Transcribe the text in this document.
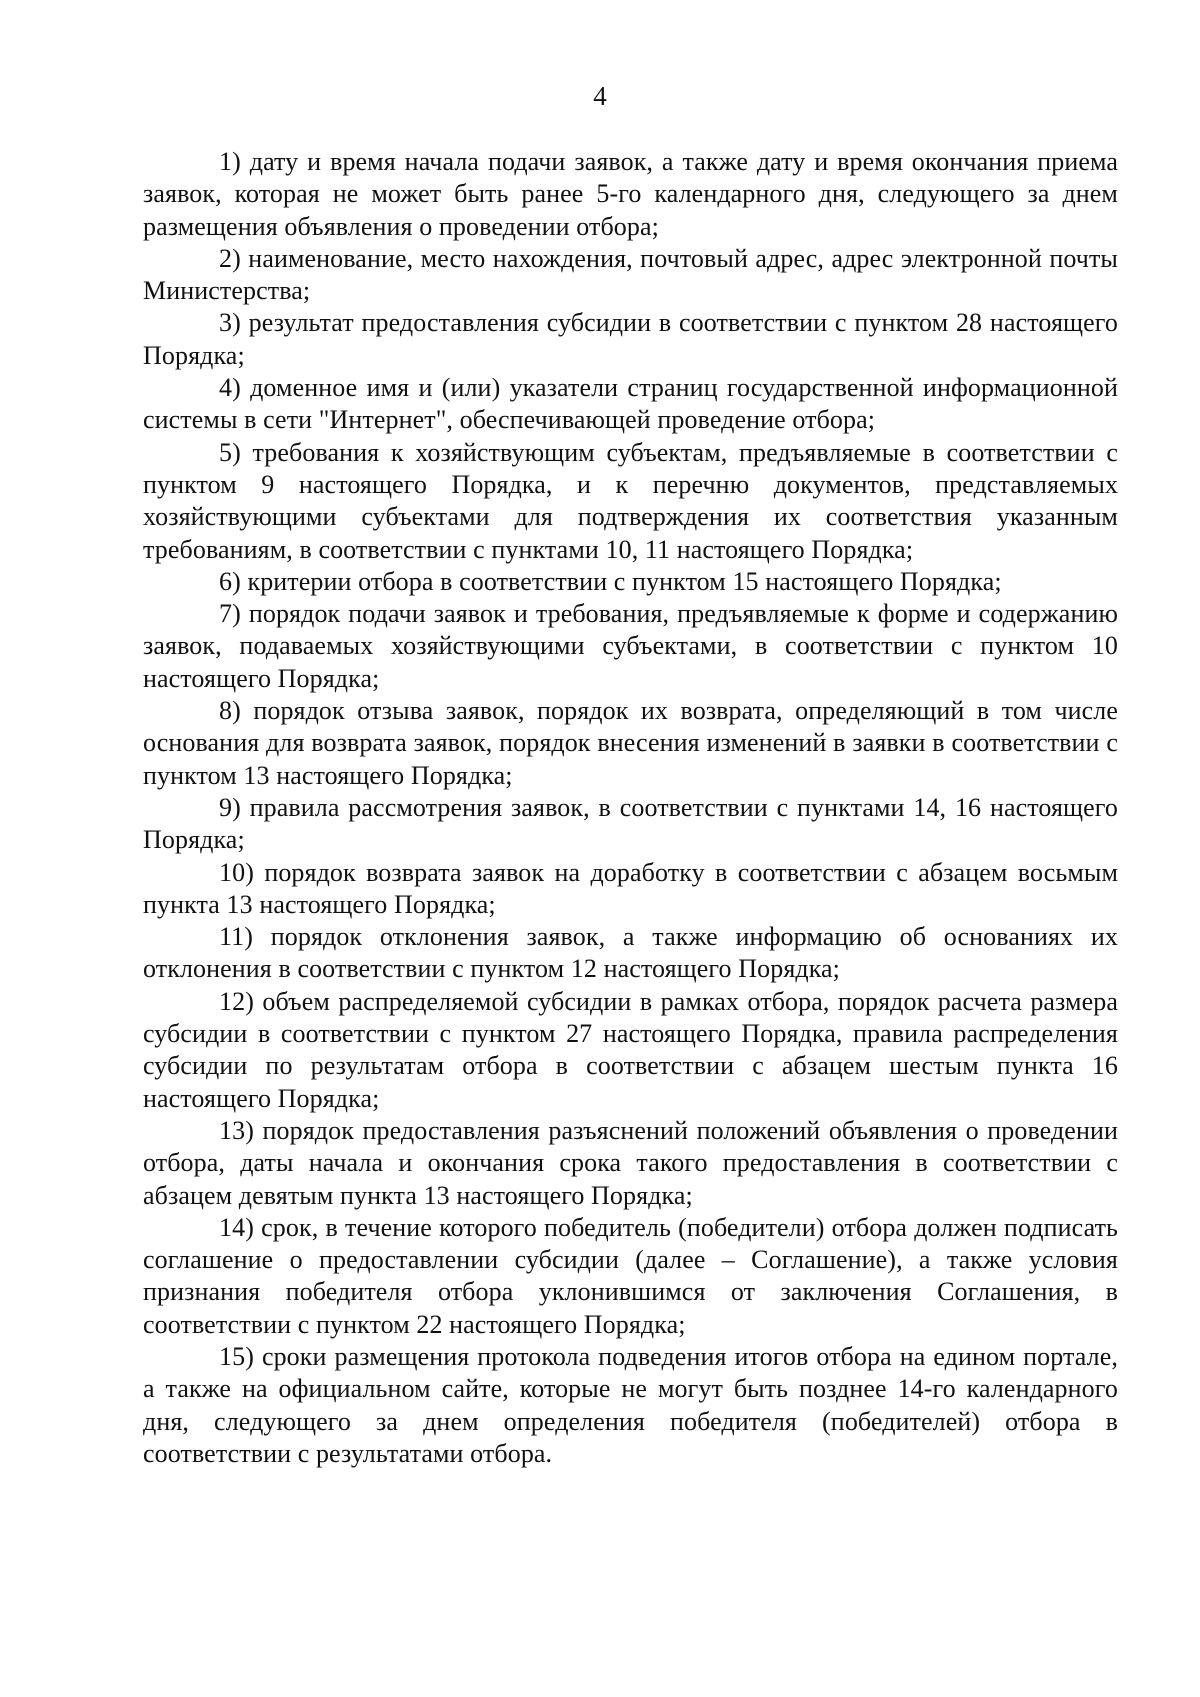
4

1) дату и время начала подачи заявок, а также дату и время окончания приема заявок, которая не может быть ранее 5-го календарного дня, следующего за днем размещения объявления о проведении отбора;

2) наименование, место нахождения, почтовый адрес, адрес электронной почты Министерства;

3) результат предоставления субсидии в соответствии с пунктом 28 настоящего Порядка;

4) доменное имя и (или) указатели страниц государственной информационной системы в сети "Интернет", обеспечивающей проведение отбора;

5) требования к хозяйствующим субъектам, предъявляемые в соответствии с пунктом 9 настоящего Порядка, и к перечню документов, представляемых хозяйствующими субъектами для подтверждения их соответствия указанным требованиям, в соответствии с пунктами 10, 11 настоящего Порядка;

6) критерии отбора в соответствии с пунктом 15 настоящего Порядка;

7) порядок подачи заявок и требования, предъявляемые к форме и содержанию заявок, подаваемых хозяйствующими субъектами, в соответствии с пунктом 10 настоящего Порядка;

8) порядок отзыва заявок, порядок их возврата, определяющий в том числе основания для возврата заявок, порядок внесения изменений в заявки в соответствии с пунктом 13 настоящего Порядка;

9) правила рассмотрения заявок, в соответствии с пунктами 14, 16 настоящего Порядка;

10) порядок возврата заявок на доработку в соответствии с абзацем восьмым пункта 13 настоящего Порядка;

11) порядок отклонения заявок, а также информацию об основаниях их отклонения в соответствии с пунктом 12 настоящего Порядка;

12) объем распределяемой субсидии в рамках отбора, порядок расчета размера субсидии в соответствии с пунктом 27 настоящего Порядка, правила распределения субсидии по результатам отбора в соответствии с абзацем шестым пункта 16 настоящего Порядка;

13) порядок предоставления разъяснений положений объявления о проведении отбора, даты начала и окончания срока такого предоставления в соответствии с абзацем девятым пункта 13 настоящего Порядка;

14) срок, в течение которого победитель (победители) отбора должен подписать соглашение о предоставлении субсидии (далее – Соглашение), а также условия признания победителя отбора уклонившимся от заключения Соглашения, в соответствии с пунктом 22 настоящего Порядка;

15) сроки размещения протокола подведения итогов отбора на едином портале, а также на официальном сайте, которые не могут быть позднее 14-го календарного дня, следующего за днем определения победителя (победителей) отбора в соответствии с результатами отбора.
